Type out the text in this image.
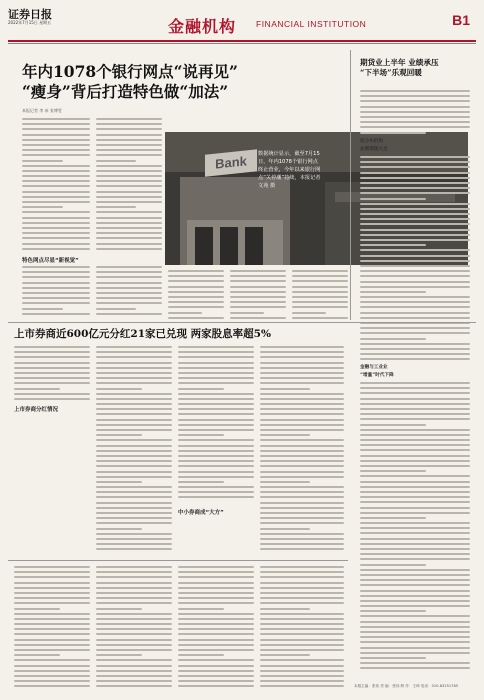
证券日报
2022年7月15日 星期五	金融机构 FINANCIAL INSTITUTION	B1
年内1078个银行网点“说再见”
“瘦身”背后打造特色做“加法”
本报记者 李 冰 张博雯
特色网点尽显“新视觉”
Bank	数据统计显示，截至7月15日，年内1078个银行网点终止营业，今年以来银行网点“关停潮”持续，本报记者 文苑 摄
期货业上半年 业绩承压
“下半场”乐观回暖
权分头机构
业绩表现大全
金融与工业业
“增量”时代下降
上市券商近600亿元分红21家已兑现 两家股息率超5%
上市券商分红情况
中小券商成“大方”
本版主编：张伟 责 编：张伟 制 作：王琦 电话：010-83251785
